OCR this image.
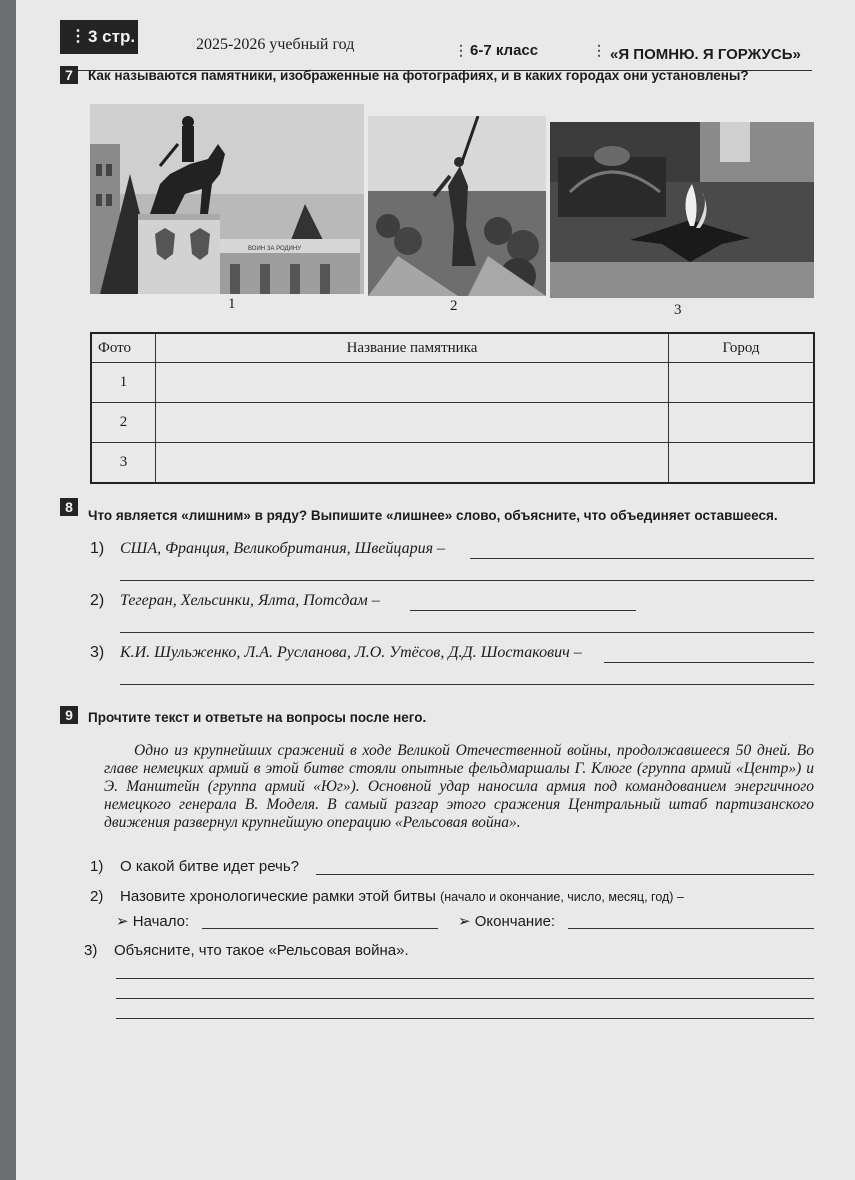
⋮ 3 стр.	2025-2026 учебный год	⋮ 6-7 класс	⋮ «Я ПОМНЮ. Я ГОРЖУСЬ»
7	Как называются памятники, изображенные на фотографиях, и в каких городах они установлены?
ВОИН ЗА РОДИНУ
1	2	3
Фото	Название памятника	Город
1		
2		
3		
8
Что является «лишним» в ряду? Выпишите «лишнее» слово, объясните, что объединяет оставшееся.
1) США, Франция, Великобритания, Швейцария –
2) Тегеран, Хельсинки, Ялта, Потсдам –
3) К.И. Шульженко, Л.А. Русланова, Л.О. Утёсов, Д.Д. Шостакович –
9	Прочтите текст и ответьте на вопросы после него.
Одно из крупнейших сражений в ходе Великой Отечественной войны, продолжавшееся 50 дней. Во главе немецких армий в этой битве стояли опытные фельдмаршалы Г. Клюге (группа армий «Центр») и Э. Манштейн (группа армий «Юг»). Основной удар наносила армия под командованием энергичного немецкого генерала В. Моделя. В самый разгар этого сражения Центральный штаб партизанского движения развернул крупнейшую операцию «Рельсовая война».
1) О какой битве идет речь?
2) Назовите хронологические рамки этой битвы (начало и окончание, число, месяц, год) –
➢ Начало:	➢ Окончание:
3) Объясните, что такое «Рельсовая война».
